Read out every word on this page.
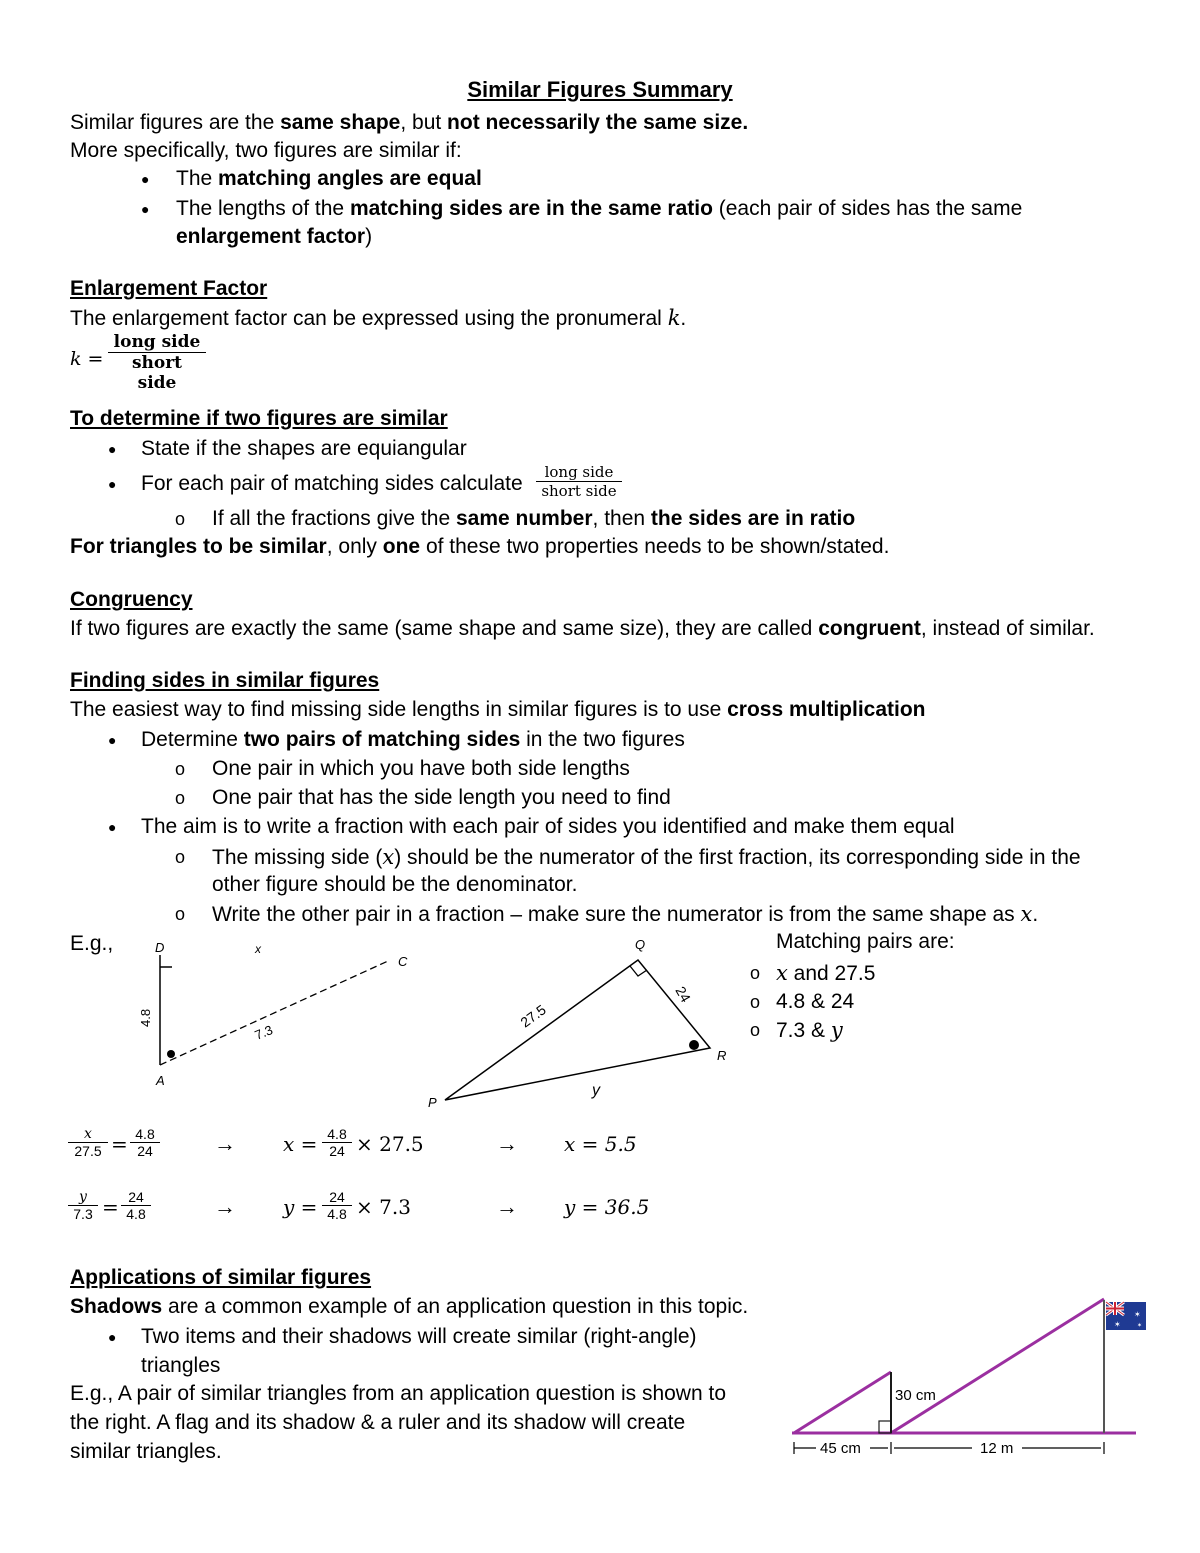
Similar Figures Summary
Similar figures are the same shape, but not necessarily the same size.
More specifically, two figures are similar if:
● The matching angles are equal
● The lengths of the matching sides are in the same ratio (each pair of sides has the same
enlargement factor)
Enlargement Factor
The enlargement factor can be expressed using the pronumeral k.
k =
long side
short side
To determine if two figures are similar
● State if the shapes are equiangular
● For each pair of matching sides calculate	long side
short side
o If all the fractions give the same number, then the sides are in ratio
For triangles to be similar, only one of these two properties needs to be shown/stated.
Congruency
If two figures are exactly the same (same shape and same size), they are called congruent, instead of similar.
Finding sides in similar figures
The easiest way to find missing side lengths in similar figures is to use cross multiplication
● Determine two pairs of matching sides in the two figures
o One pair in which you have both side lengths
o One pair that has the side length you need to find
● The aim is to write a fraction with each pair of sides you identified and make them equal
o The missing side (x) should be the numerator of the first fraction, its corresponding side in the
other figure should be the denominator.
o Write the other pair in a fraction – make sure the numerator is from the same shape as x.
E.g.,	D	x
C
4.8
7.3
A
Q
24
27.5
R
y
P
Matching pairs are:
o x and 27.5
o 4.8 & 24
o 7.3 & y
$\frac{x}{27.5} = \frac{4.8}{24} \to x = \frac{4.8}{24} \times 27.5$	→ x = 5.5
$\frac{y}{7.3} = \frac{24}{4.8}$	→ $y = \frac{24}{4.8} \times 7.3$	→ y = 36.5
Applications of similar figures
Shadows are a common example of an application question in this topic.
● Two items and their shadows will create similar (right-angle)
triangles
E.g., A pair of similar triangles from an application question is shown to
the right. A flag and its shadow & a ruler and its shadow will create
similar triangles.
✶
✶	✶
30 cm
45 cm	12 m
